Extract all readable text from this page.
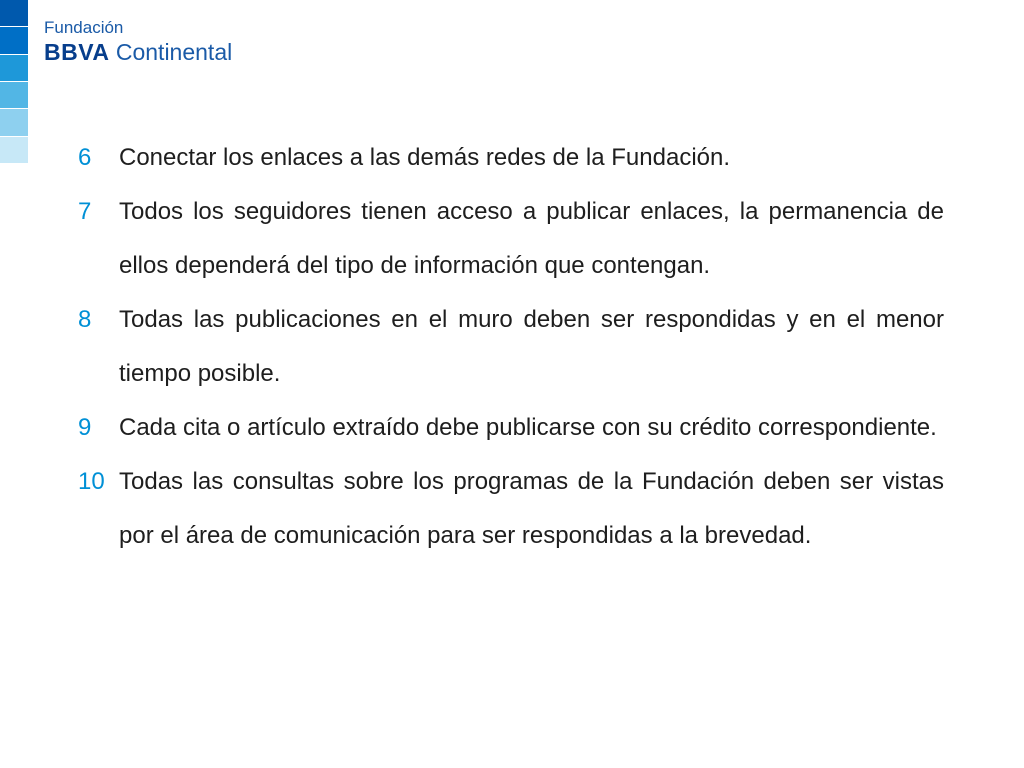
Fundación
BBVA Continental
6 Conectar los enlaces a las demás redes de la Fundación.
7 Todos los seguidores tienen acceso a publicar enlaces, la permanencia de ellos dependerá del tipo de información que contengan.
8 Todas las publicaciones en el muro deben ser respondidas y en el menor tiempo posible.
9 Cada cita o artículo extraído debe publicarse con su crédito correspondiente.
10 Todas las consultas sobre los programas de la Fundación deben ser vistas por el área de comunicación para ser respondidas a la brevedad.
